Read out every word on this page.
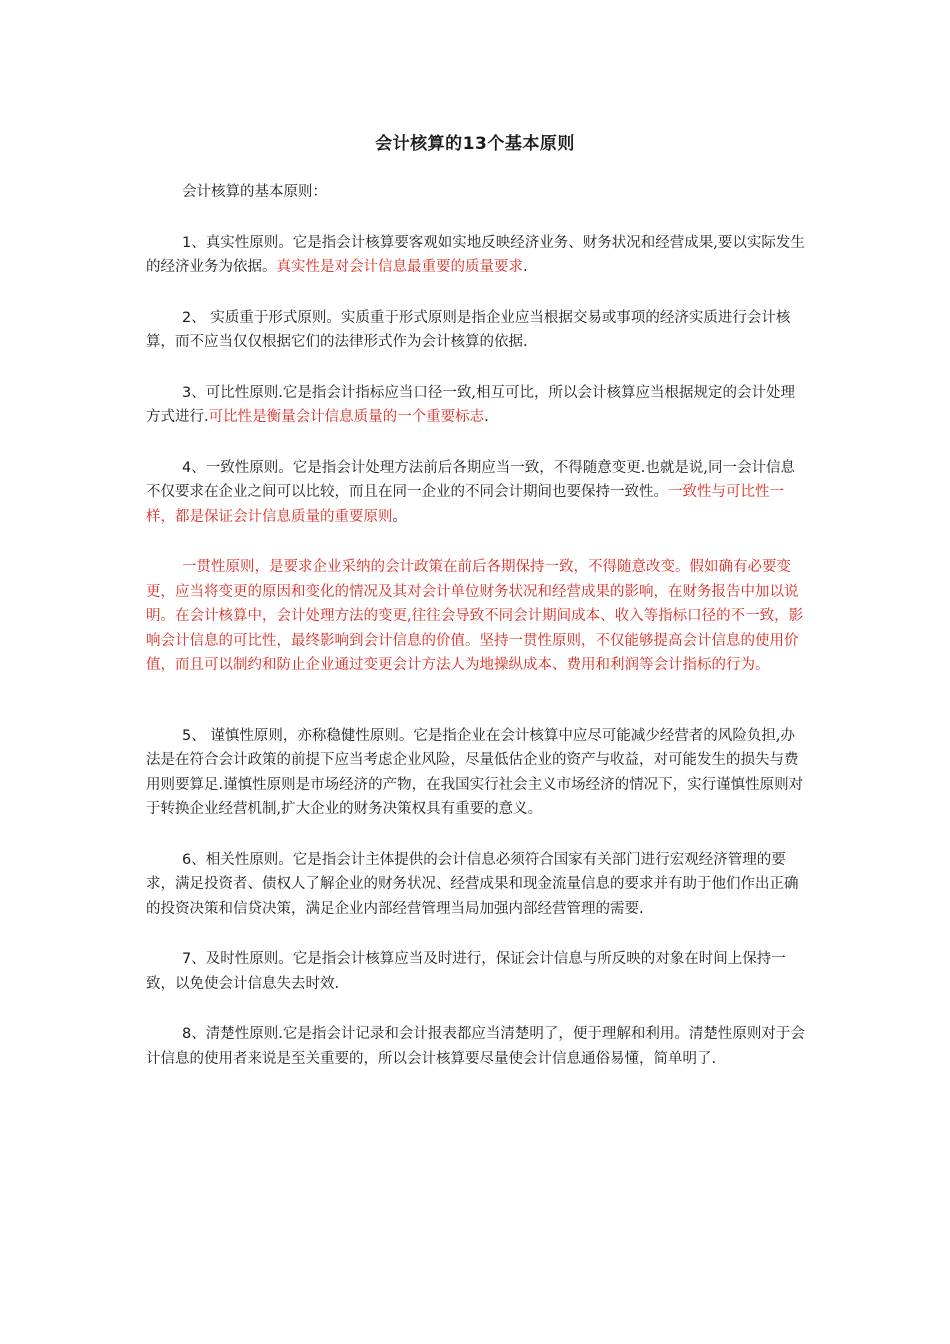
会计核算的13个基本原则

会计核算的基本原则：

1、真实性原则。它是指会计核算要客观如实地反映经济业务、财务状况和经营成果,要以实际发生的经济业务为依据。真实性是对会计信息最重要的质量要求.

2、 实质重于形式原则。实质重于形式原则是指企业应当根据交易或事项的经济实质进行会计核算，而不应当仅仅根据它们的法律形式作为会计核算的依据.

3、可比性原则.它是指会计指标应当口径一致,相互可比，所以会计核算应当根据规定的会计处理方式进行.可比性是衡量会计信息质量的一个重要标志.

4、一致性原则。它是指会计处理方法前后各期应当一致，不得随意变更.也就是说,同一会计信息不仅要求在企业之间可以比较，而且在同一企业的不同会计期间也要保持一致性。一致性与可比性一样，都是保证会计信息质量的重要原则。

一贯性原则，是要求企业采纳的会计政策在前后各期保持一致，不得随意改变。假如确有必要变更，应当将变更的原因和变化的情况及其对会计单位财务状况和经营成果的影响，在财务报告中加以说明。在会计核算中，会计处理方法的变更,往往会导致不同会计期间成本、收入等指标口径的不一致，影响会计信息的可比性，最终影响到会计信息的价值。坚持一贯性原则，不仅能够提高会计信息的使用价值，而且可以制约和防止企业通过变更会计方法人为地操纵成本、费用和利润等会计指标的行为。

5、 谨慎性原则，亦称稳健性原则。它是指企业在会计核算中应尽可能减少经营者的风险负担,办法是在符合会计政策的前提下应当考虑企业风险，尽量低估企业的资产与收益，对可能发生的损失与费用则要算足.谨慎性原则是市场经济的产物，在我国实行社会主义市场经济的情况下，实行谨慎性原则对于转换企业经营机制,扩大企业的财务决策权具有重要的意义。

6、相关性原则。它是指会计主体提供的会计信息必须符合国家有关部门进行宏观经济管理的要求，满足投资者、债权人了解企业的财务状况、经营成果和现金流量信息的要求并有助于他们作出正确的投资决策和信贷决策，满足企业内部经营管理当局加强内部经营管理的需要.

7、及时性原则。它是指会计核算应当及时进行，保证会计信息与所反映的对象在时间上保持一致，以免使会计信息失去时效.

8、清楚性原则.它是指会计记录和会计报表都应当清楚明了，便于理解和利用。清楚性原则对于会计信息的使用者来说是至关重要的，所以会计核算要尽量使会计信息通俗易懂，简单明了.
